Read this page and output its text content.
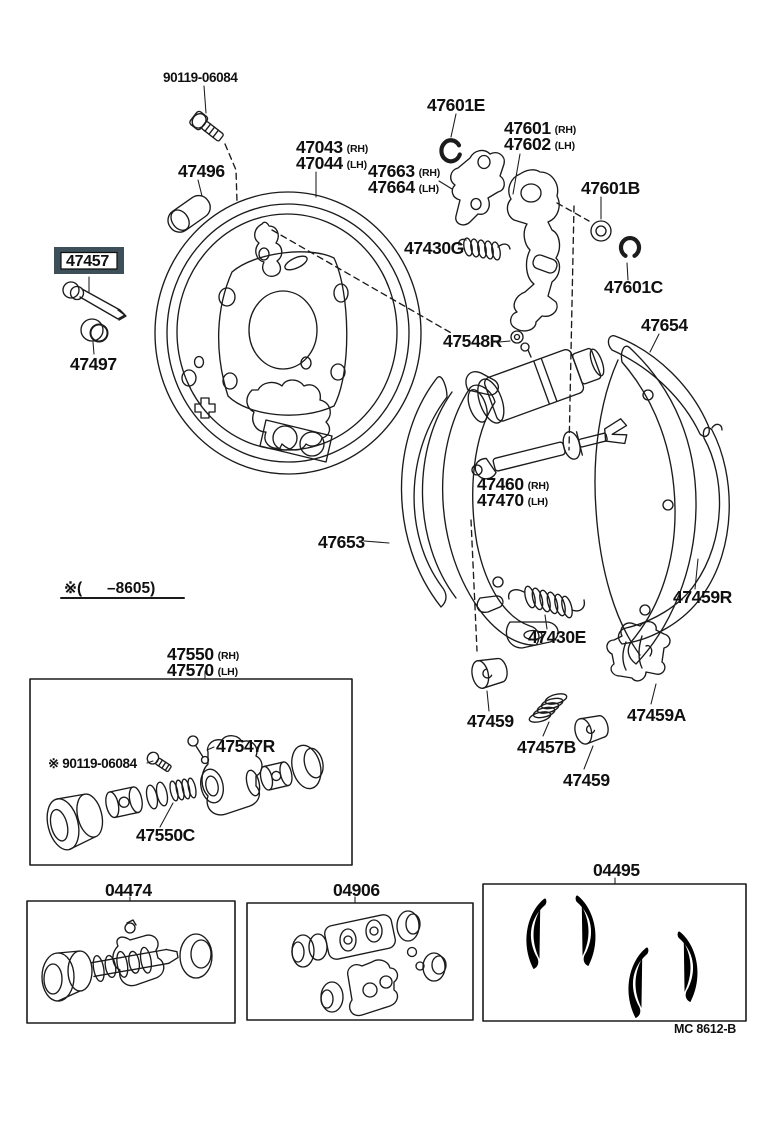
90119-06084
47496
47043 (RH)
47044 (LH) 47663 (RH)
47664 (LH)
47601E
47601 (RH)
47602 (LH)
47601B
47430G
47601C
47654
47548R
47457
47497
47460 (RH)
47470 (LH)
47653
47459R
47430E
※( –8605)
47550 (RH)
47570 (LH)
47547R
※ 90119-06084
47550C
47459
47457B
47459
47459A
04474	04906
04495
MC 8612-B
